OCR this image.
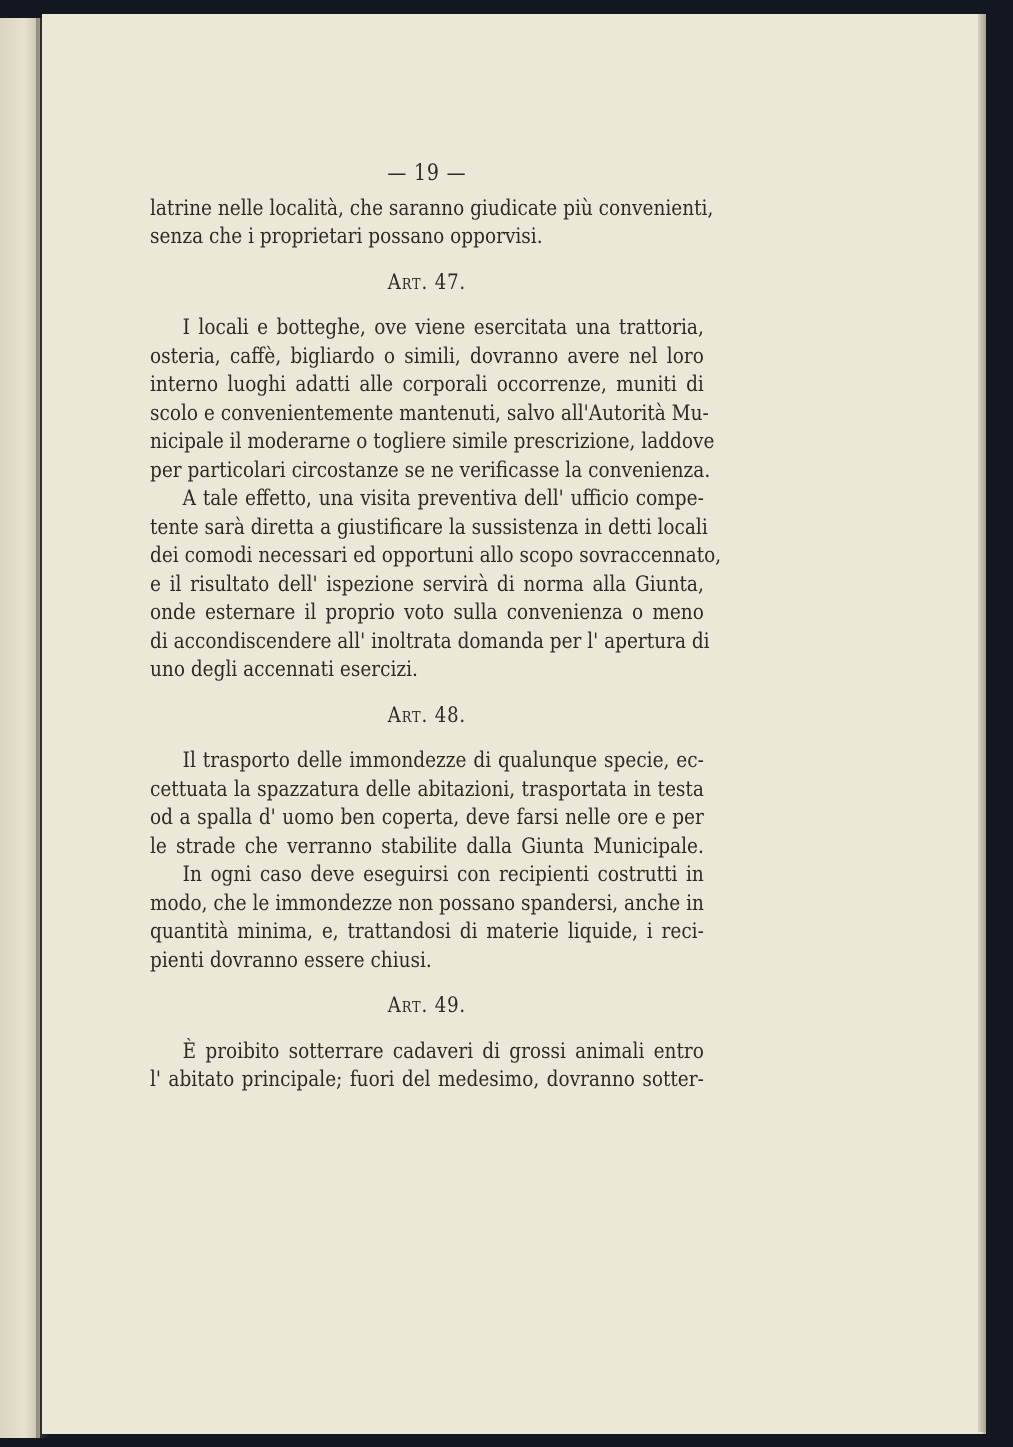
— 19 —
latrine nelle località, che saranno giudicate più convenienti,
senza che i proprietari possano opporvisi.
Art. 47.
I locali e botteghe, ove viene esercitata una trattoria,
osteria, caffè, bigliardo o simili, dovranno avere nel loro
interno luoghi adatti alle corporali occorrenze, muniti di
scolo e convenientemente mantenuti, salvo all'Autorità Mu-
nicipale il moderarne o togliere simile prescrizione, laddove
per particolari circostanze se ne verificasse la convenienza.
A tale effetto, una visita preventiva dell' ufficio compe-
tente sarà diretta a giustificare la sussistenza in detti locali
dei comodi necessari ed opportuni allo scopo sovraccennato,
e il risultato dell' ispezione servirà di norma alla Giunta,
onde esternare il proprio voto sulla convenienza o meno
di accondiscendere all' inoltrata domanda per l' apertura di
uno degli accennati esercizi.
Art. 48.
Il trasporto delle immondezze di qualunque specie, ec-
cettuata la spazzatura delle abitazioni, trasportata in testa
od a spalla d' uomo ben coperta, deve farsi nelle ore e per
le strade che verranno stabilite dalla Giunta Municipale.
In ogni caso deve eseguirsi con recipienti costrutti in
modo, che le immondezze non possano spandersi, anche in
quantità minima, e, trattandosi di materie liquide, i reci-
pienti dovranno essere chiusi.
Art. 49.
È proibito sotterrare cadaveri di grossi animali entro
l' abitato principale; fuori del medesimo, dovranno sotter-
